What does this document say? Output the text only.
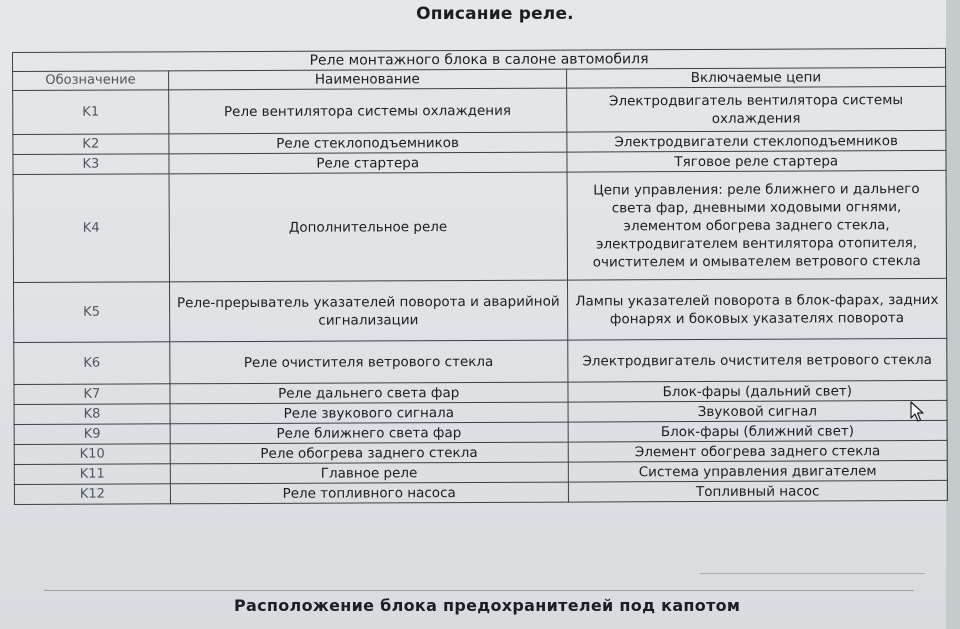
Описание реле.
Реле монтажного блока в салоне автомобиля		
Обозначение	Наименование	Включаемые цепи
K1	Реле вентилятора системы охлаждения	Электродвигатель вентилятора системы охлаждения
K2	Реле стеклоподъемников	Электродвигатели стеклоподъемников
K3	Реле стартера	Тяговое реле стартера
K4	Дополнительное реле	Цепи управления: реле ближнего и дальнего света фар, дневными ходовыми огнями, элементом обогрева заднего стекла, электродвигателем вентилятора отопителя, очистителем и омывателем ветрового стекла
K5	Реле-прерыватель указателей поворота и аварийной сигнализации	Лампы указателей поворота в блок-фарах, задних фонарях и боковых указателях поворота
K6	Реле очистителя ветрового стекла	Электродвигатель очистителя ветрового стекла
K7	Реле дальнего света фар	Блок-фары (дальний свет)
K8	Реле звукового сигнала	Звуковой сигнал
K9	Реле ближнего света фар	Блок-фары (ближний свет)
K10	Реле обогрева заднего стекла	Элемент обогрева заднего стекла
K11	Главное реле	Система управления двигателем
K12	Реле топливного насоса	Топливный насос
Расположение блока предохранителей под капотом
